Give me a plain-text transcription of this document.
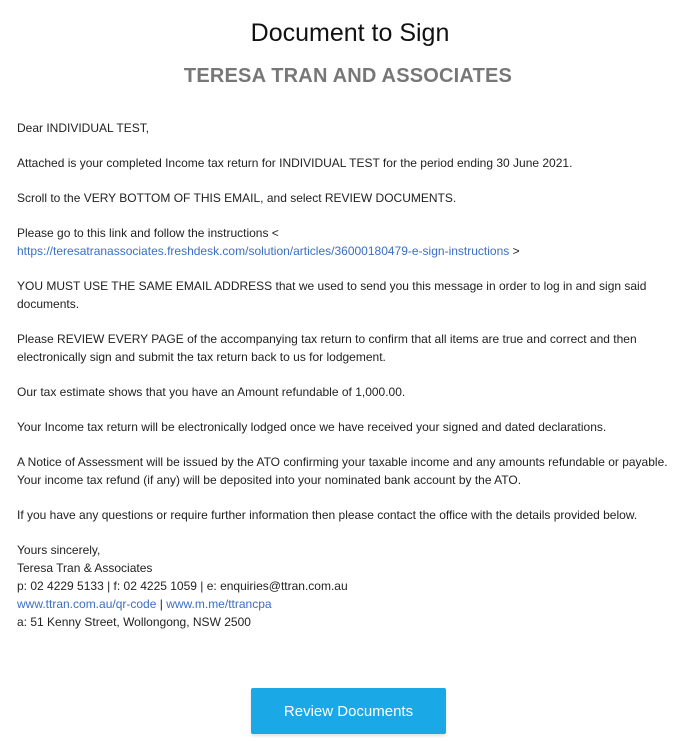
Document to Sign
TERESA TRAN AND ASSOCIATES

Dear INDIVIDUAL TEST,

Attached is your completed Income tax return for INDIVIDUAL TEST for the period ending 30 June 2021.

Scroll to the VERY BOTTOM OF THIS EMAIL, and select REVIEW DOCUMENTS.

Please go to this link and follow the instructions < https://teresatranassociates.freshdesk.com/solution/articles/36000180479-e-sign-instructions >

YOU MUST USE THE SAME EMAIL ADDRESS that we used to send you this message in order to log in and sign said documents.

Please REVIEW EVERY PAGE of the accompanying tax return to confirm that all items are true and correct and then electronically sign and submit the tax return back to us for lodgement.

Our tax estimate shows that you have an Amount refundable of 1,000.00.

Your Income tax return will be electronically lodged once we have received your signed and dated declarations.

A Notice of Assessment will be issued by the ATO confirming your taxable income and any amounts refundable or payable.
Your income tax refund (if any) will be deposited into your nominated bank account by the ATO.

If you have any questions or require further information then please contact the office with the details provided below.

Yours sincerely,
Teresa Tran & Associates
p: 02 4229 5133 | f: 02 4225 1059 | e: enquiries@ttran.com.au
www.ttran.com.au/qr-code | www.m.me/ttrancpa
a: 51 Kenny Street, Wollongong, NSW 2500
Review Documents
